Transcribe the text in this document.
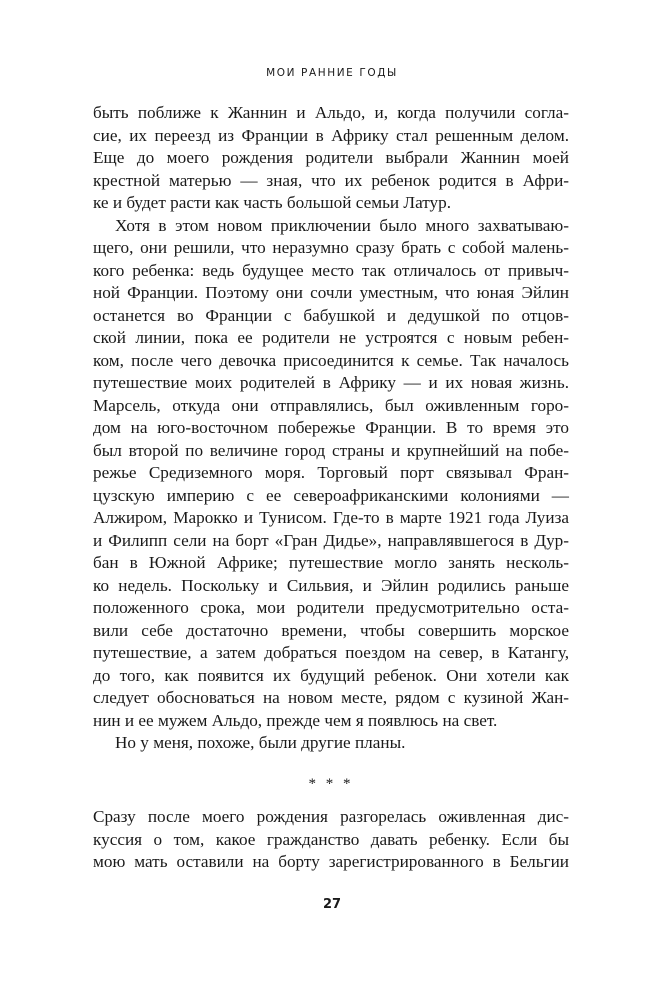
МОИ РАННИЕ ГОДЫ
быть поближе к Жаннин и Альдо, и, когда получили согла-
сие, их переезд из Франции в Африку стал решенным делом.
Еще до моего рождения родители выбрали Жаннин моей
крестной матерью — зная, что их ребенок родится в Афри-
ке и будет расти как часть большой семьи Латур.
Хотя в этом новом приключении было много захватываю-
щего, они решили, что неразумно сразу брать с собой малень-
кого ребенка: ведь будущее место так отличалось от привыч-
ной Франции. Поэтому они сочли уместным, что юная Эйлин
останется во Франции с бабушкой и дедушкой по отцов-
ской линии, пока ее родители не устроятся с новым ребен-
ком, после чего девочка присоединится к семье. Так началось
путешествие моих родителей в Африку — и их новая жизнь.
Марсель, откуда они отправлялись, был оживленным горо-
дом на юго-восточном побережье Франции. В то время это
был второй по величине город страны и крупнейший на побе-
режье Средиземного моря. Торговый порт связывал Фран-
цузскую империю с ее североафриканскими колониями —
Алжиром, Марокко и Тунисом. Где-то в марте 1921 года Луиза
и Филипп сели на борт «Гран Дидье», направлявшегося в Дур-
бан в Южной Африке; путешествие могло занять несколь-
ко недель. Поскольку и Сильвия, и Эйлин родились раньше
положенного срока, мои родители предусмотрительно оста-
вили себе достаточно времени, чтобы совершить морское
путешествие, а затем добраться поездом на север, в Катангу,
до того, как появится их будущий ребенок. Они хотели как
следует обосноваться на новом месте, рядом с кузиной Жан-
нин и ее мужем Альдо, прежде чем я появлюсь на свет.
Но у меня, похоже, были другие планы.
* * *
Сразу после моего рождения разгорелась оживленная дис-
куссия о том, какое гражданство давать ребенку. Если бы
мою мать оставили на борту зарегистрированного в Бельгии
27
